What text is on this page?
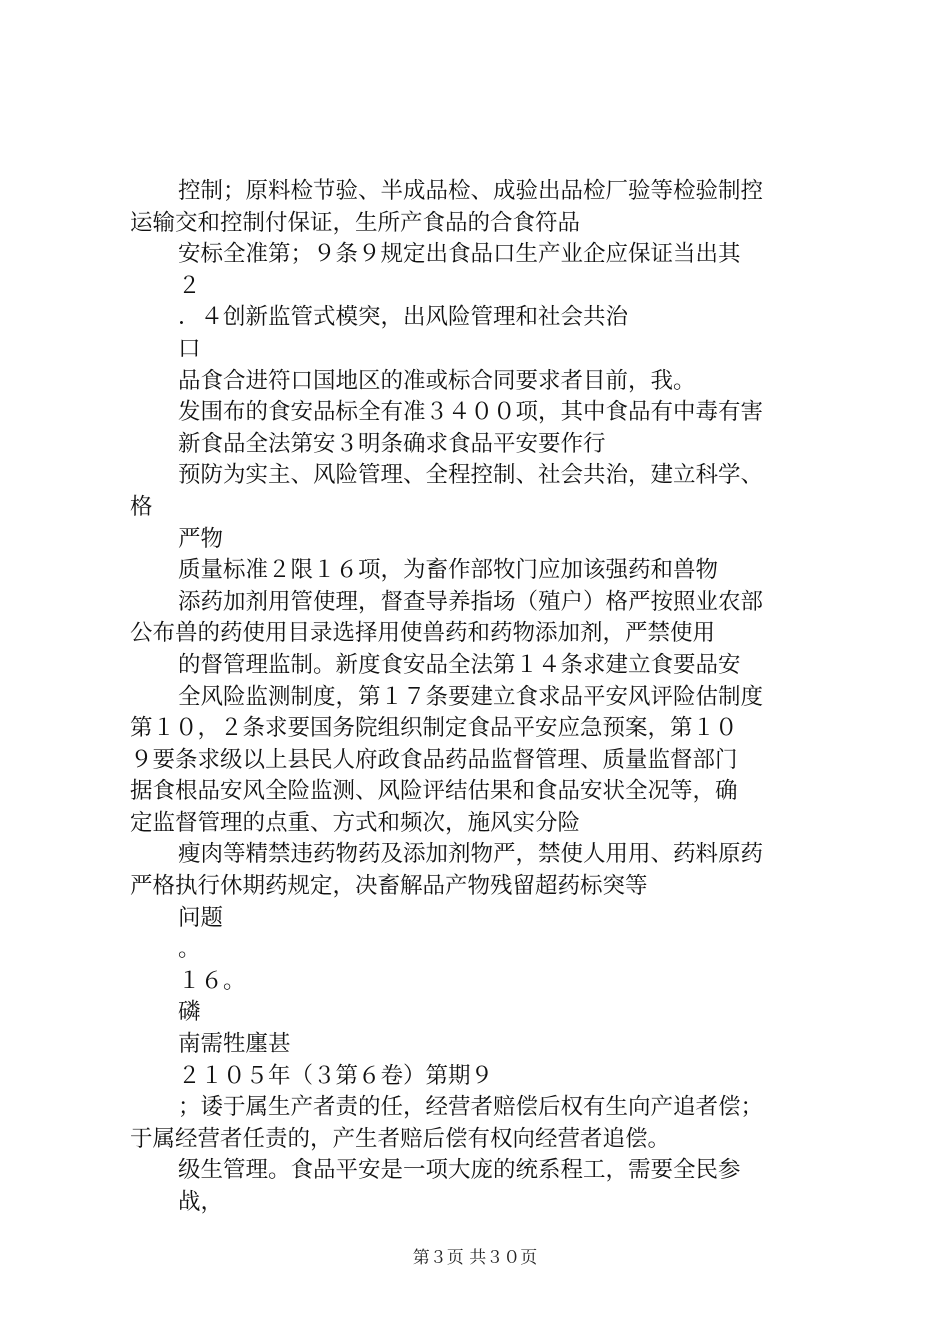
控制；原料检节验、半成品检、成验出品检厂验等检验制控
运输交和控制付保证，生所产食品的合食符品
安标全准第；９条９规定出食品口生产业企应保证当出其
２
．４创新监管式模突，出风险管理和社会共治
口
品食合进符口国地区的准或标合同要求者目前，我。
发围布的食安品标全有准３４００项，其中食品有中毒有害
新食品全法第安３明条确求食品平安要作行
预防为实主、风险管理、全程控制、社会共治，建立科学、
格
严物
质量标准２限１６项，为畜作部牧门应加该强药和兽物
添药加剂用管使理，督查导养指场（殖户）格严按照业农部
公布兽的药使用目录选择用使兽药和药物添加剂，严禁使用
的督管理监制。新度食安品全法第１４条求建立食要品安
全风险监测制度，第１７条要建立食求品平安风评险估制度
第１０，２条求要国务院组织制定食品平安应急预案，第１０
９要条求级以上县民人府政食品药品监督管理、质量监督部门
据食根品安风全险监测、风险评结估果和食品安状全况等，确
定监督管理的点重、方式和频次，施风实分险
瘦肉等精禁违药物药及添加剂物严，禁使人用用、药料原药
严格执行休期药规定，决畜解品产物残留超药标突等
问题
。
１６。
磷
南需牲廛甚
２１０５年（３第６卷）第期９
；诿于属生产者责的任，经营者赔偿后权有生向产追者偿；
于属经营者任责的，产生者赔后偿有权向经营者追偿。
级生管理。食品平安是一项大庞的统系程工，需要全民参
战，
第３页 共３０页
